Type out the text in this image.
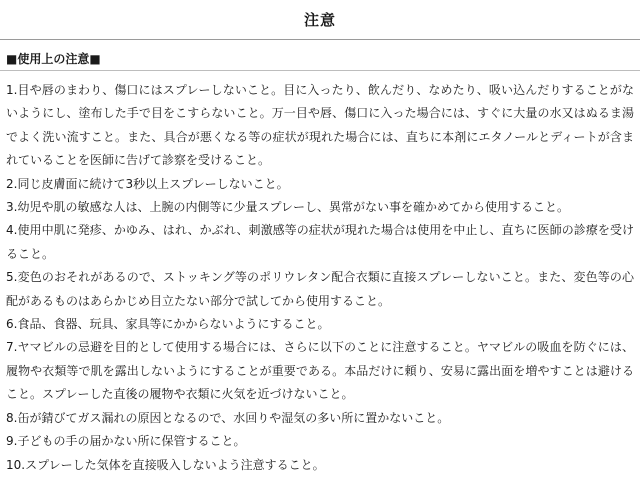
注意
■使用上の注意■
1.目や唇のまわり、傷口にはスプレーしないこと。目に入ったり、飲んだり、なめたり、吸い込んだりすることがないようにし、塗布した手で目をこすらないこと。万一目や唇、傷口に入った場合には、すぐに大量の水又はぬるま湯でよく洗い流すこと。また、具合が悪くなる等の症状が現れた場合には、直ちに本剤にエタノールとディートが含まれていることを医師に告げて診察を受けること。
2.同じ皮膚面に続けて3秒以上スプレーしないこと。
3.幼児や肌の敏感な人は、上腕の内側等に少量スプレーし、異常がない事を確かめてから使用すること。
4.使用中肌に発疹、かゆみ、はれ、かぶれ、刺激感等の症状が現れた場合は使用を中止し、直ちに医師の診療を受けること。
5.変色のおそれがあるので、ストッキング等のポリウレタン配合衣類に直接スプレーしないこと。また、変色等の心配があるものはあらかじめ目立たない部分で試してから使用すること。
6.食品、食器、玩具、家具等にかからないようにすること。
7.ヤマビルの忌避を目的として使用する場合には、さらに以下のことに注意すること。ヤマビルの吸血を防ぐには、履物や衣類等で肌を露出しないようにすることが重要である。本品だけに頼り、安易に露出面を増やすことは避けること。スプレーした直後の履物や衣類に火気を近づけないこと。
8.缶が錆びてガス漏れの原因となるので、水回りや湿気の多い所に置かないこと。
9.子どもの手の届かない所に保管すること。
10.スプレーした気体を直接吸入しないよう注意すること。
